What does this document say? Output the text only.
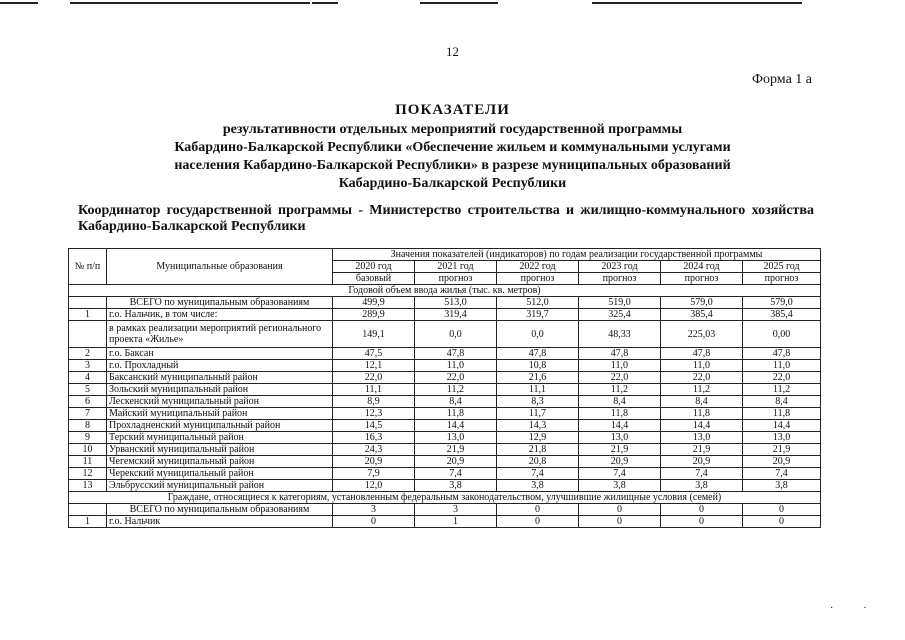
12
Форма 1 а
ПОКАЗАТЕЛИ
результативности отдельных мероприятий государственной программы
Кабардино-Балкарской Республики «Обеспечение жильем и коммунальными услугами
населения Кабардино-Балкарской Республики» в разрезе муниципальных образований
Кабардино-Балкарской Республики
Координатор государственной программы - Министерство строительства и жилищно-коммунального хозяйства Кабардино-Балкарской Республики
№ п/п	Муниципальные образования	Значения показателей (индикаторов) по годам реализации государственной программы					
		2020 год	2021 год	2022 год	2023 год	2024 год	2025 год
		базовый	прогноз	прогноз	прогноз	прогноз	прогноз
Годовой объем ввода жилья (тыс. кв. метров)							
	ВСЕГО по муниципальным образованиям	499,9	513,0	512,0	519,0	579,0	579,0
1	г.о. Нальчик, в том числе:	289,9	319,4	319,7	325,4	385,4	385,4
	в рамках реализации мероприятий регионального проекта «Жилье»	149,1	0,0	0,0	48,33	225,03	0,00
2	г.о. Баксан	47,5	47,8	47,8	47,8	47,8	47,8
3	г.о. Прохладный	12,1	11,0	10,8	11,0	11,0	11,0
4	Баксанский муниципальный район	22,0	22,0	21,6	22,0	22,0	22,0
5	Зольский муниципальный район	11,1	11,2	11,1	11,2	11,2	11,2
6	Лескенский муниципальный район	8,9	8,4	8,3	8,4	8,4	8,4
7	Майский муниципальный район	12,3	11,8	11,7	11,8	11,8	11,8
8	Прохладненский муниципальный район	14,5	14,4	14,3	14,4	14,4	14,4
9	Терский муниципальный район	16,3	13,0	12,9	13,0	13,0	13,0
10	Урванский муниципальный район	24,3	21,9	21,8	21,9	21,9	21,9
11	Чегемский муниципальный район	20,9	20,9	20,8	20,9	20,9	20,9
12	Черекский муниципальный район	7,9	7,4	7,4	7,4	7,4	7,4
13	Эльбрусский муниципальный район	12,0	3,8	3,8	3,8	3,8	3,8
Граждане, относящиеся к категориям, установленным федеральным законодательством, улучшившие жилищные условия (семей)							
	ВСЕГО по муниципальным образованиям	3	3	0	0	0	0
1	г.о. Нальчик	0	1	0	0	0	0
··
